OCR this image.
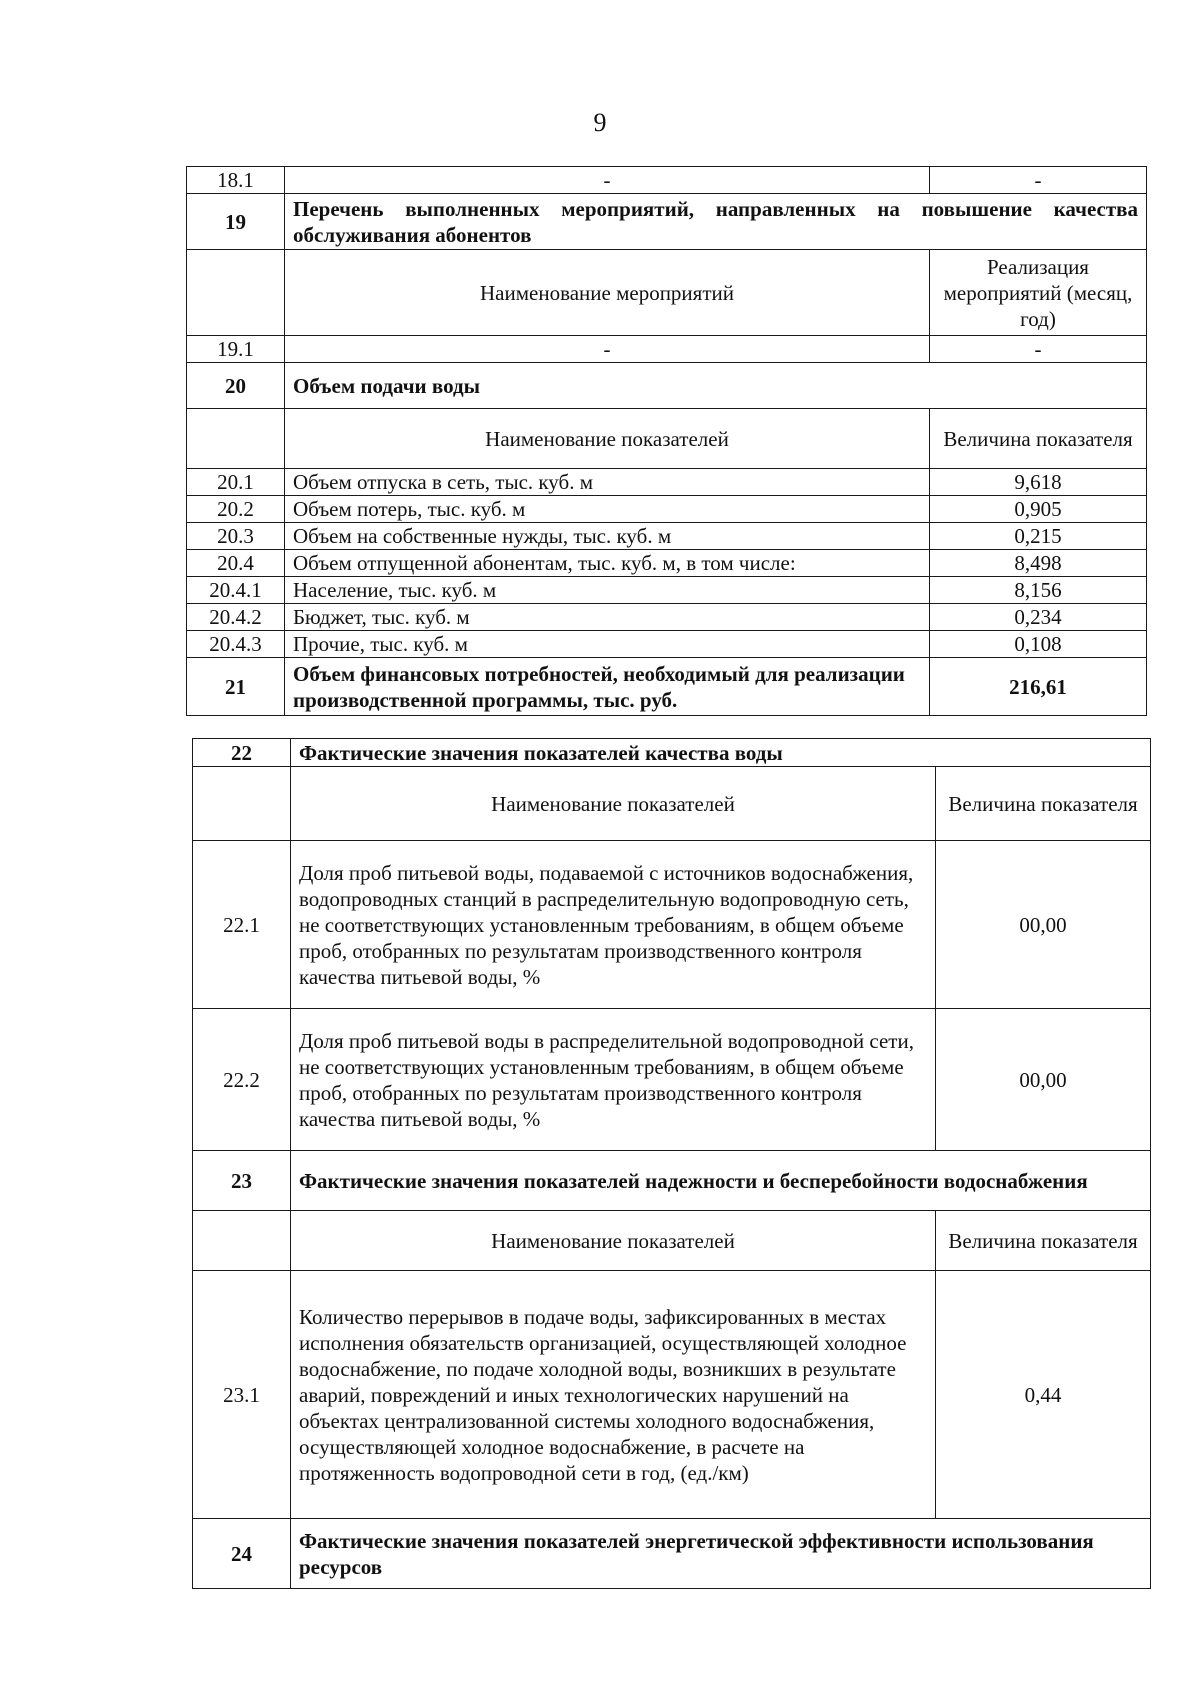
9
18.1	-	-
19	Перечень выполненных мероприятий, направленных на повышение качества обслуживания абонентов	
	Наименование мероприятий	Реализация мероприятий (месяц, год)
19.1	-	-
20	Объем подачи воды	
	Наименование показателей	Величина показателя
20.1	Объем отпуска в сеть, тыс. куб. м	9,618
20.2	Объем потерь, тыс. куб. м	0,905
20.3	Объем на собственные нужды, тыс. куб. м	0,215
20.4	Объем отпущенной абонентам, тыс. куб. м, в том числе:	8,498
20.4.1	Население, тыс. куб. м	8,156
20.4.2	Бюджет, тыс. куб. м	0,234
20.4.3	Прочие, тыс. куб. м	0,108
21	Объем финансовых потребностей, необходимый для реализации производственной программы, тыс. руб.	216,61
22	Фактические значения показателей качества воды	
	Наименование показателей	Величина показателя
22.1	Доля проб питьевой воды, подаваемой с источников водоснабжения, водопроводных станций в распределительную водопроводную сеть, не соответствующих установленным требованиям, в общем объеме проб, отобранных по результатам производственного контроля качества питьевой воды, %	00,00
22.2	Доля проб питьевой воды в распределительной водопроводной сети, не соответствующих установленным требованиям, в общем объеме проб, отобранных по результатам производственного контроля качества питьевой воды, %	00,00
23	Фактические значения показателей надежности и бесперебойности водоснабжения	
	Наименование показателей	Величина показателя
23.1	Количество перерывов в подаче воды, зафиксированных в местах исполнения обязательств организацией, осуществляющей холодное водоснабжение, по подаче холодной воды, возникших в результате аварий, повреждений и иных технологических нарушений на объектах централизованной системы холодного водоснабжения, осуществляющей холодное водоснабжение, в расчете на протяженность водопроводной сети в год, (ед./км)	0,44
24	Фактические значения показателей энергетической эффективности использования ресурсов	
